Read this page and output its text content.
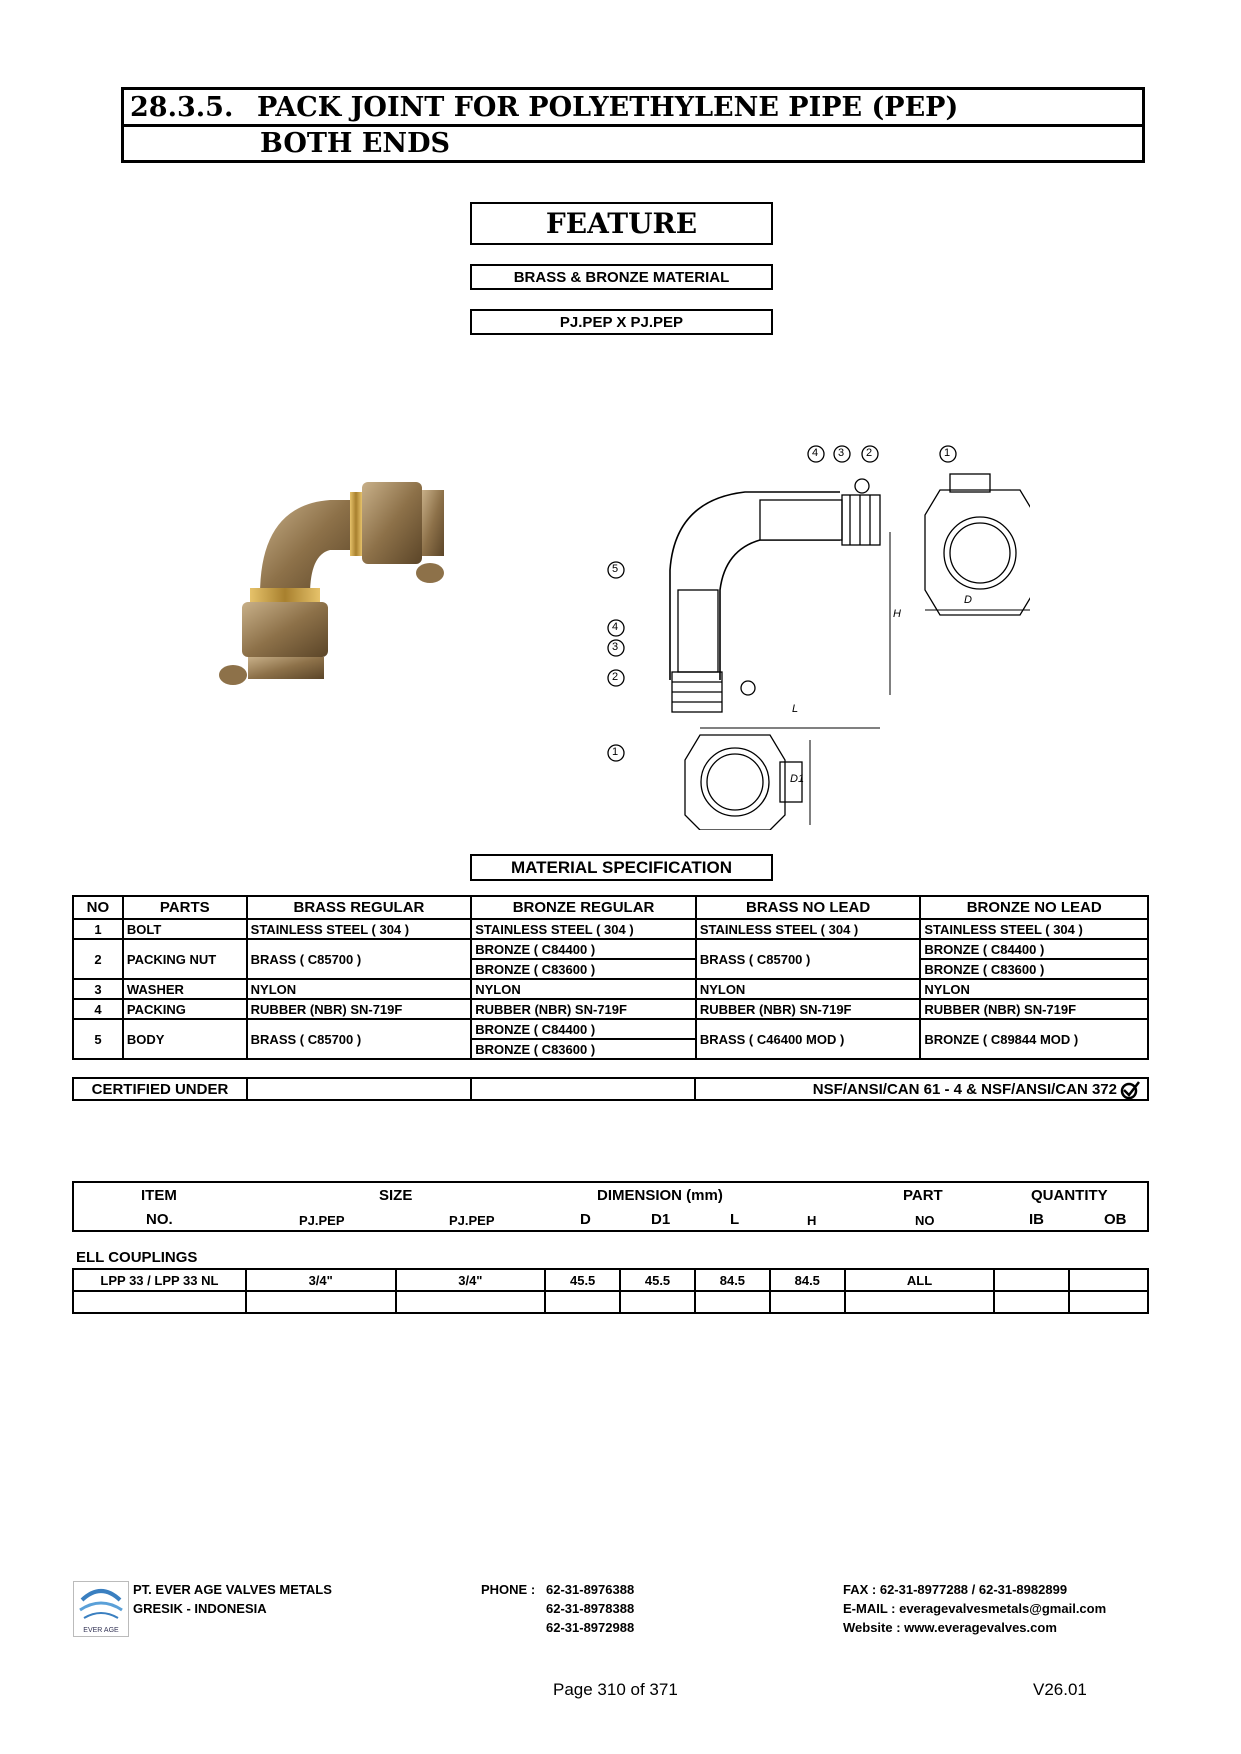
28.3.5. PACK JOINT FOR POLYETHYLENE PIPE (PEP)
BOTH ENDS
FEATURE
BRASS & BRONZE MATERIAL
PJ.PEP X PJ.PEP
5
4
3
2
4 3 2	1
1
H
D
L
D1
MATERIAL SPECIFICATION
NO	PARTS	BRASS REGULAR	BRONZE REGULAR	BRASS NO LEAD	BRONZE NO LEAD
1	BOLT	STAINLESS STEEL ( 304 )	STAINLESS STEEL ( 304 )	STAINLESS STEEL ( 304 )	STAINLESS STEEL ( 304 )
2	PACKING NUT	BRASS ( C85700 )	BRONZE ( C84400 )	BRASS ( C85700 )	BRONZE ( C84400 )
			BRONZE ( C83600 )		BRONZE ( C83600 )
3	WASHER	NYLON	NYLON	NYLON	NYLON
4	PACKING	RUBBER (NBR) SN-719F	RUBBER (NBR) SN-719F	RUBBER (NBR) SN-719F	RUBBER (NBR) SN-719F
5	BODY	BRASS ( C85700 )	BRONZE ( C84400 )	BRASS ( C46400 MOD )	BRONZE ( C89844 MOD )
			BRONZE ( C83600 )		
CERTIFIED UNDER			NSF/ANSI/CAN 61 - 4 & NSF/ANSI/CAN 372
ITEM	SIZE	DIMENSION (mm)	PART	QUANTITY
NO.	PJ.PEP	PJ.PEP	D	D1	L	H	NO	IB	OB
ELL COUPLINGS
LPP 33 / LPP 33 NL	3/4"	3/4"	45.5	45.5	84.5	84.5	ALL		

EVER AGE
PT. EVER AGE VALVES METALS
GRESIK - INDONESIA
PHONE : 62-31-8976388
62-31-8978388
62-31-8972988
FAX : 62-31-8977288 / 62-31-8982899
E-MAIL : everagevalvesmetals@gmail.com
Website : www.everagevalves.com
Page 310 of 371	V26.01
